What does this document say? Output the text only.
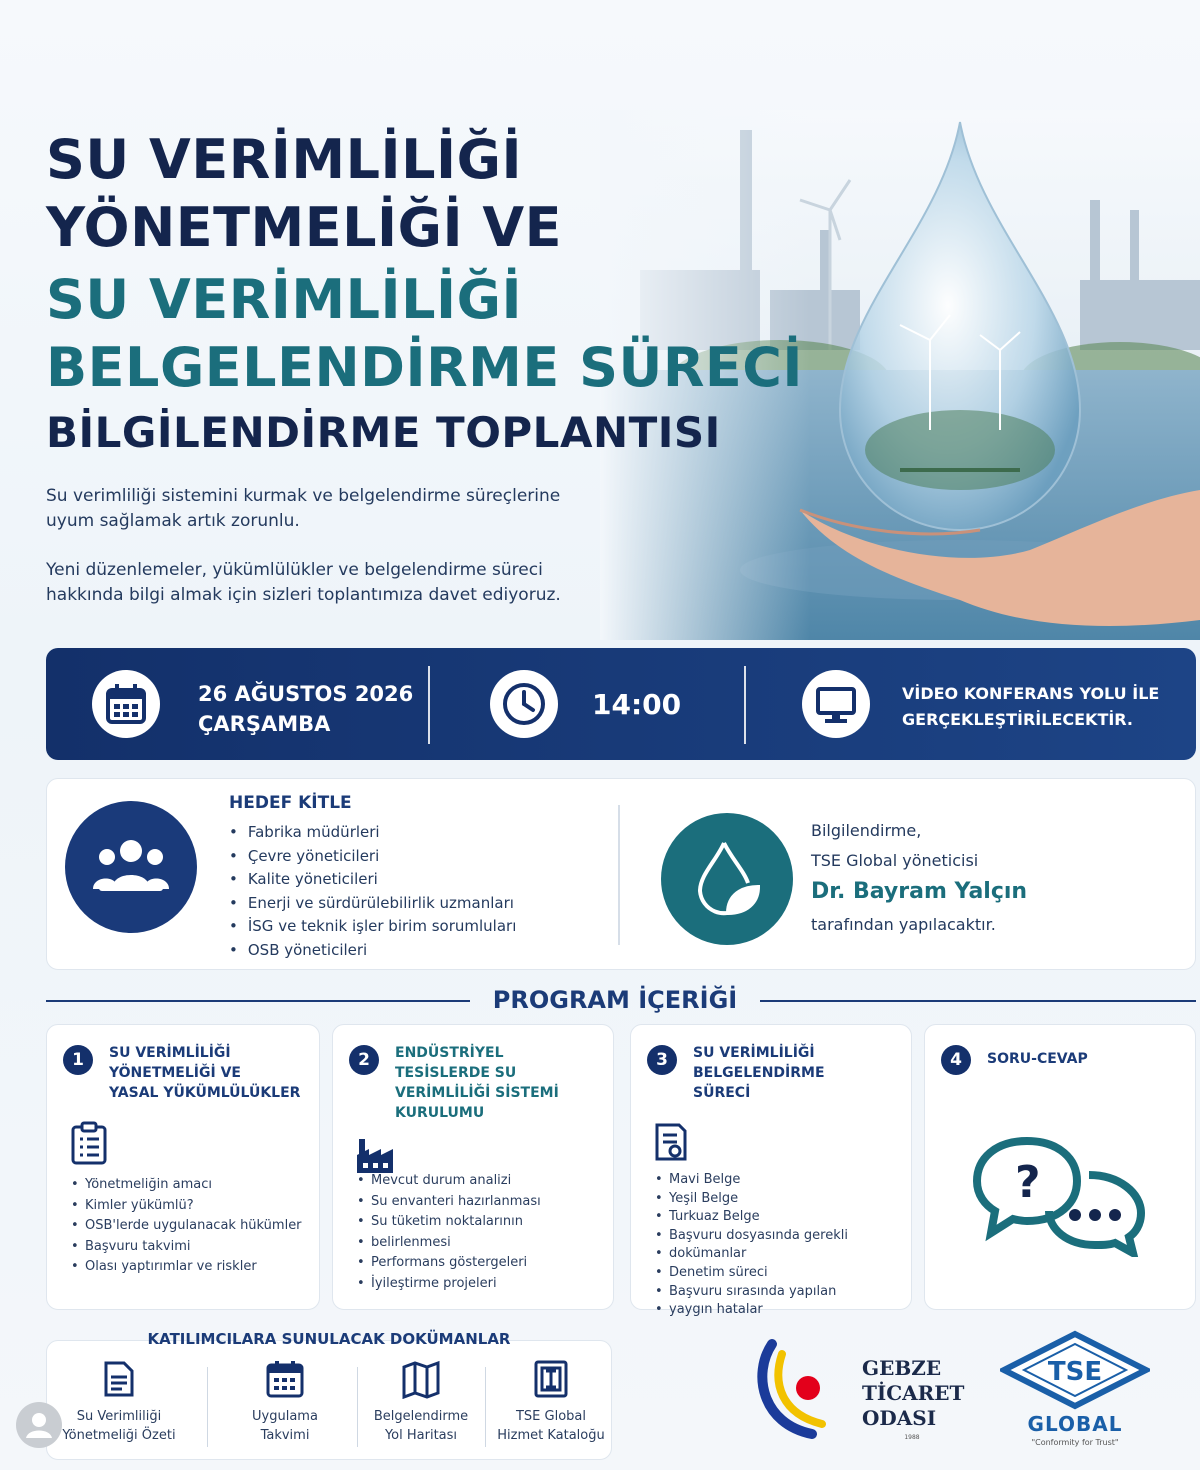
SU VERİMLİLİĞİ
YÖNETMELİĞİ VE
SU VERİMLİLİĞİ
BELGELENDİRME SÜRECİ
BİLGİLENDİRME TOPLANTISI
Su verimliliği sistemini kurmak ve belgelendirme süreçlerine
uyum sağlamak artık zorunlu.
Yeni düzenlemeler, yükümlülükler ve belgelendirme süreci
hakkında bilgi almak için sizleri toplantımıza davet ediyoruz.
26 AĞUSTOS 2026
ÇARŞAMBA
14:00	VİDEO KONFERANS YOLU İLE
GERÇEKLEŞTİRİLECEKTİR.
HEDEF KİTLE
• Fabrika müdürleri
• Çevre yöneticileri
• Kalite yöneticileri
• Enerji ve sürdürülebilirlik uzmanları
• İSG ve teknik işler birim sorumluları
• OSB yöneticileri
Bilgilendirme,
TSE Global yöneticisi
Dr. Bayram Yalçın
tarafından yapılacaktır.
PROGRAM İÇERİĞİ
1	SU VERİMLİLİĞİ
YÖNETMELİĞİ VE
YASAL YÜKÜMLÜLÜKLER
• Yönetmeliğin amacı
• Kimler yükümlü?
• OSB'lerde uygulanacak hükümler
• Başvuru takvimi
• Olası yaptırımlar ve riskler
2	ENDÜSTRİYEL
TESİSLERDE SU
VERİMLİLİĞİ SİSTEMİ
KURULUMU
• Mevcut durum analizi
• Su envanteri hazırlanması
• Su tüketim noktalarının
• belirlenmesi
• Performans göstergeleri
• İyileştirme projeleri
3	SU VERİMLİLİĞİ
BELGELENDİRME
SÜRECİ
• Mavi Belge
• Yeşil Belge
• Turkuaz Belge
• Başvuru dosyasında gerekli
• dokümanlar
• Denetim süreci
• Başvuru sırasında yapılan
• yaygın hatalar
4	SORU-CEVAP
?
Su Verimliliği
Yönetmeliği Özeti
Uygulama
Takvimi
Belgelendirme
Yol Haritası
TSE Global
Hizmet Kataloğu
KATILIMCILARA SUNULACAK DOKÜMANLAR
GEBZE
TİCARET
ODASI
1988
TSE
GLOBAL
"Conformity for Trust"
